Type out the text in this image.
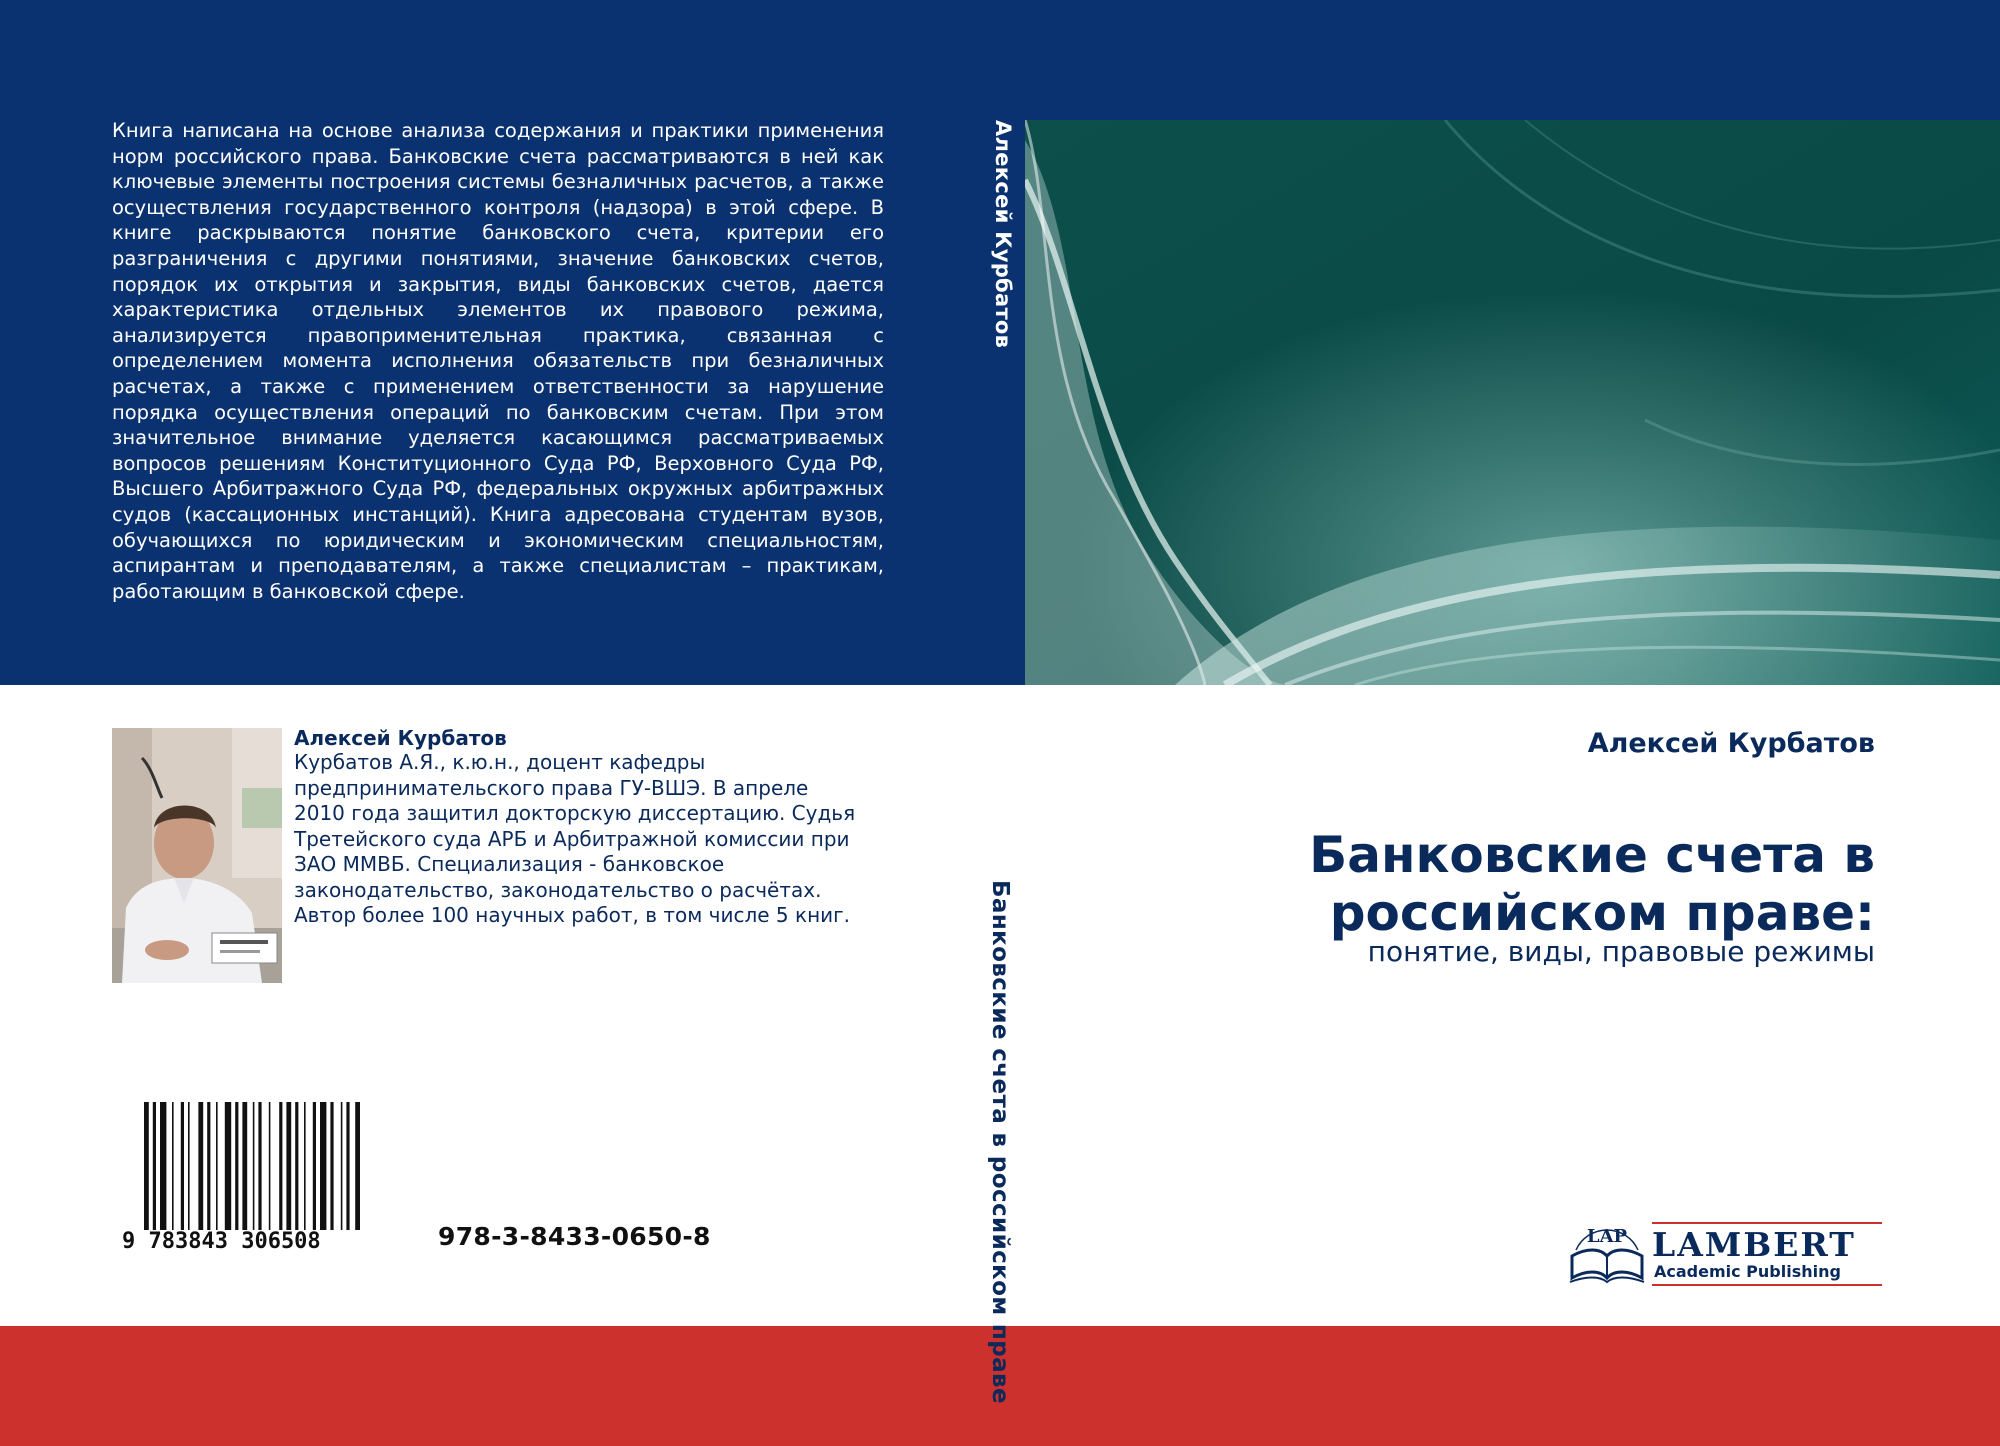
Книга написана на основе анализа содержания и практики применения норм российского права. Банковские счета рассматриваются в ней как ключевые элементы построения системы безналичных расчетов, а также осуществления государственного контроля (надзора) в этой сфере. В книге раскрываются понятие банковского счета, критерии его разграничения с другими понятиями, значение банковских счетов, порядок их открытия и закрытия, виды банковских счетов, дается характеристика отдельных элементов их правового режима, анализируется правоприменительная практика, связанная с определением момента исполнения обязательств при безналичных расчетах, а также с применением ответственности за нарушение порядка осуществления операций по банковским счетам. При этом значительное внимание уделяется касающимся рассматриваемых вопросов решениям Конституционного Суда РФ, Верховного Суда РФ, Высшего Арбитражного Суда РФ, федеральных окружных арбитражных судов (кассационных инстанций). Книга адресована студентам вузов, обучающихся по юридическим и экономическим специальностям, аспирантам и преподавателям, а также специалистам – практикам, работающим в банковской сфере.

Алексей Курбатов
Банковские счета в российском праве
Алексей Курбатов

Курбатов А.Я., к.ю.н., доцент кафедры предпринимательского права ГУ-ВШЭ. В апреле 2010 года защитил докторскую диссертацию. Судья Третейского суда АРБ и Арбитражной комиссии при ЗАО ММВБ. Специализация - банковское законодательство, законодательство о расчётах. Автор более 100 научных работ, в том числе 5 книг.

9 783843 306508	978-3-8433-0650-8
Алексей Курбатов
Банковские счета в российском праве:
понятие, виды, правовые режимы
LAP LAMBERT
Academic Publishing
